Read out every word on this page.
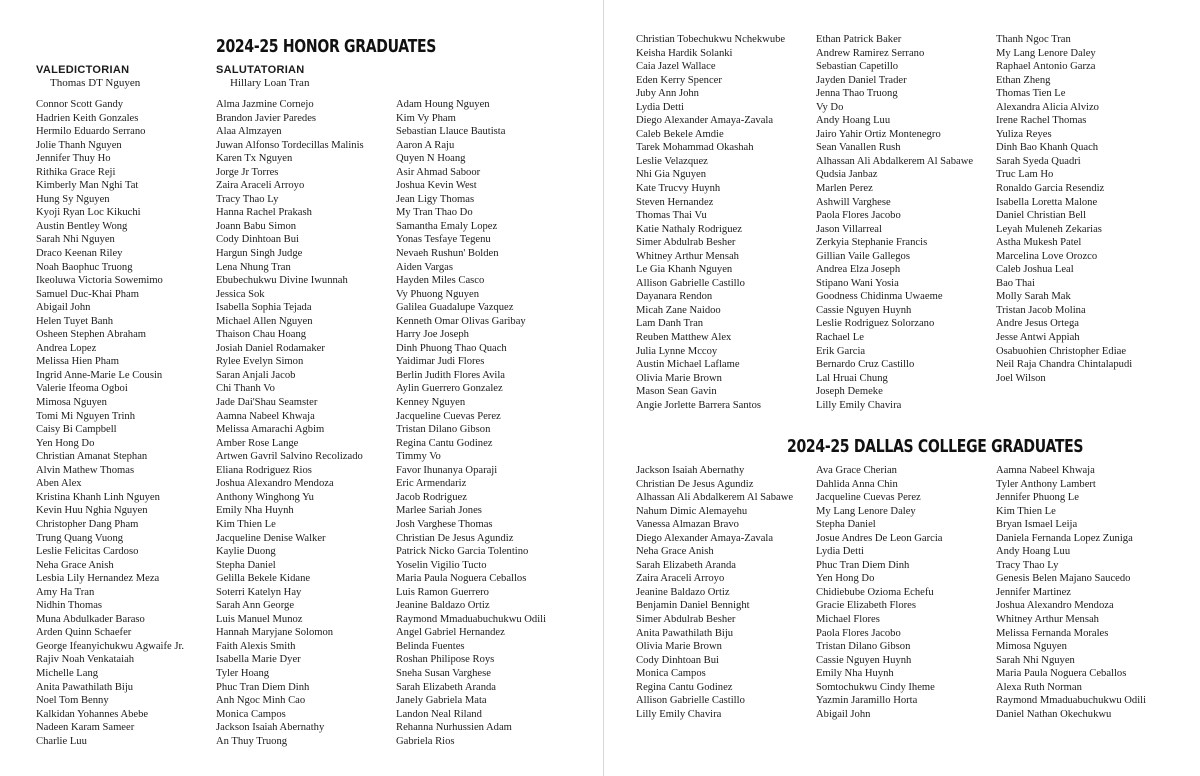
2024-25 HONOR GRADUATES
VALEDICTORIAN
Thomas DT Nguyen
SALUTATORIAN
Hillary Loan Tran
Connor Scott Gandy
Hadrien Keith Gonzales
Hermilo Eduardo Serrano
Jolie Thanh Nguyen
Jennifer Thuy Ho
Rithika Grace Reji
Kimberly Man Nghi Tat
Hung Sy Nguyen
Kyoji Ryan Loc Kikuchi
Austin Bentley Wong
Sarah Nhi Nguyen
Draco Keenan Riley
Noah Baophuc Truong
Ikeoluwa Victoria Sowemimo
Samuel Duc-Khai Pham
Abigail John
Helen Tuyet Banh
Osheen Stephen Abraham
Andrea Lopez
Melissa Hien Pham
Ingrid Anne-Marie Le Cousin
Valerie Ifeoma Ogboi
Mimosa Nguyen
Tomi Mi Nguyen Trinh
Caisy Bi Campbell
Yen Hong Do
Christian Amanat Stephan
Alvin Mathew Thomas
Aben Alex
Kristina Khanh Linh Nguyen
Kevin Huu Nghia Nguyen
Christopher Dang Pham
Trung Quang Vuong
Leslie Felicitas Cardoso
Neha Grace Anish
Lesbia Lily Hernandez Meza
Amy Ha Tran
Nidhin Thomas
Muna Abdulkader Baraso
Arden Quinn Schaefer
George Ifeanyichukwu Agwaife Jr.
Rajiv Noah Venkataiah
Michelle Lang
Anita Pawathilath Biju
Noel Tom Benny
Kalkidan Yohannes Abebe
Nadeen Karam Sameer
Charlie Luu
Alma Jazmine Cornejo
Brandon Javier Paredes
Alaa Almzayen
Juwan Alfonso Tordecillas Malinis
Karen Tx Nguyen
Jorge Jr Torres
Zaira Araceli Arroyo
Tracy Thao Ly
Hanna Rachel Prakash
Joann Babu Simon
Cody Dinhtoan Bui
Hargun Singh Judge
Lena Nhung Tran
Ebubechukwu Divine Iwunnah
Jessica Sok
Isabella Sophia Tejada
Michael Allen Nguyen
Thaison Chau Hoang
Josiah Daniel Rodamaker
Rylee Evelyn Simon
Saran Anjali Jacob
Chi Thanh Vo
Jade Dai'Shau Seamster
Aamna Nabeel Khwaja
Melissa Amarachi Agbim
Amber Rose Lange
Artwen Gavril Salvino Recolizado
Eliana Rodriguez Rios
Joshua Alexandro Mendoza
Anthony Winghong Yu
Emily Nha Huynh
Kim Thien Le
Jacqueline Denise Walker
Kaylie Duong
Stepha Daniel
Gelilla Bekele Kidane
Soterri Katelyn Hay
Sarah Ann George
Luis Manuel Munoz
Hannah Maryjane Solomon
Faith Alexis Smith
Isabella Marie Dyer
Tyler Hoang
Phuc Tran Diem Dinh
Anh Ngoc Minh Cao
Monica Campos
Jackson Isaiah Abernathy
An Thuy Truong
Adam Houng Nguyen
Kim Vy Pham
Sebastian Llauce Bautista
Aaron A Raju
Quyen N Hoang
Asir Ahmad Saboor
Joshua Kevin West
Jean Ligy Thomas
My Tran Thao Do
Samantha Emaly Lopez
Yonas Tesfaye Tegenu
Nevaeh Rushun' Bolden
Aiden Vargas
Hayden Miles Casco
Vy Phuong Nguyen
Galilea Guadalupe Vazquez
Kenneth Omar Olivas Garibay
Harry Joe Joseph
Dinh Phuong Thao Quach
Yaidimar Judi Flores
Berlin Judith Flores Avila
Aylin Guerrero Gonzalez
Kenney Nguyen
Jacqueline Cuevas Perez
Tristan Dilano Gibson
Regina Cantu Godinez
Timmy Vo
Favor Ihunanya Oparaji
Eric Armendariz
Jacob Rodriguez
Marlee Sariah Jones
Josh Varghese Thomas
Christian De Jesus Agundiz
Patrick Nicko Garcia Tolentino
Yoselin Vigilio Tucto
Maria Paula Noguera Ceballos
Luis Ramon Guerrero
Jeanine Baldazo Ortiz
Raymond Mmaduabuchukwu Odili
Angel Gabriel Hernandez
Belinda Fuentes
Roshan Philipose Roys
Sneha Susan Varghese
Sarah Elizabeth Aranda
Janely Gabriela Mata
Landon Neal Riland
Rehanna Nurhussien Adam
Gabriela Rios
Christian Tobechukwu Nchekwube
Keisha Hardik Solanki
Caia Jazel Wallace
Eden Kerry Spencer
Juby Ann John
Lydia Detti
Diego Alexander Amaya-Zavala
Caleb Bekele Amdie
Tarek Mohammad Okashah
Leslie Velazquez
Nhi Gia Nguyen
Kate Trucvy Huynh
Steven Hernandez
Thomas Thai Vu
Katie Nathaly Rodriguez
Simer Abdulrab Besher
Whitney Arthur Mensah
Le Gia Khanh Nguyen
Allison Gabrielle Castillo
Dayanara Rendon
Micah Zane Naidoo
Lam Danh Tran
Reuben Matthew Alex
Julia Lynne Mccoy
Austin Michael Laflame
Olivia Marie Brown
Mason Sean Gavin
Angie Jorlette Barrera Santos
Ethan Patrick Baker
Andrew Ramirez Serrano
Sebastian Capetillo
Jayden Daniel Trader
Jenna Thao Truong
Vy Do
Andy Hoang Luu
Jairo Yahir Ortiz Montenegro
Sean Vanallen Rush
Alhassan Ali Abdalkerem Al Sabawe
Qudsia Janbaz
Marlen Perez
Ashwill Varghese
Paola Flores Jacobo
Jason Villarreal
Zerkyia Stephanie Francis
Gillian Vaile Gallegos
Andrea Elza Joseph
Stipano Wani Yosia
Goodness Chidinma Uwaeme
Cassie Nguyen Huynh
Leslie Rodriguez Solorzano
Rachael Le
Erik Garcia
Bernardo Cruz Castillo
Lal Hruai Chung
Joseph Demeke
Lilly Emily Chavira
Thanh Ngoc Tran
My Lang Lenore Daley
Raphael Antonio Garza
Ethan Zheng
Thomas Tien Le
Alexandra Alicia Alvizo
Irene Rachel Thomas
Yuliza Reyes
Dinh Bao Khanh Quach
Sarah Syeda Quadri
Truc Lam Ho
Ronaldo Garcia Resendiz
Isabella Loretta Malone
Daniel Christian Bell
Leyah Muleneh Zekarias
Astha Mukesh Patel
Marcelina Love Orozco
Caleb Joshua Leal
Bao Thai
Molly Sarah Mak
Tristan Jacob Molina
Andre Jesus Ortega
Jesse Antwi Appiah
Osabuohien Christopher Ediae
Neil Raja Chandra Chintalapudi
Joel Wilson
2024-25 DALLAS COLLEGE GRADUATES
Jackson Isaiah Abernathy
Christian De Jesus Agundiz
Alhassan Ali Abdalkerem Al Sabawe
Nahum Dimic Alemayehu
Vanessa Almazan Bravo
Diego Alexander Amaya-Zavala
Neha Grace Anish
Sarah Elizabeth Aranda
Zaira Araceli Arroyo
Jeanine Baldazo Ortiz
Benjamin Daniel Bennight
Simer Abdulrab Besher
Anita Pawathilath Biju
Olivia Marie Brown
Cody Dinhtoan Bui
Monica Campos
Regina Cantu Godinez
Allison Gabrielle Castillo
Lilly Emily Chavira
Ava Grace Cherian
Dahlida Anna Chin
Jacqueline Cuevas Perez
My Lang Lenore Daley
Stepha Daniel
Josue Andres De Leon Garcia
Lydia Detti
Phuc Tran Diem Dinh
Yen Hong Do
Chidiebube Ozioma Echefu
Gracie Elizabeth Flores
Michael Flores
Paola Flores Jacobo
Tristan Dilano Gibson
Cassie Nguyen Huynh
Emily Nha Huynh
Somtochukwu Cindy Iheme
Yazmin Jaramillo Horta
Abigail John
Aamna Nabeel Khwaja
Tyler Anthony Lambert
Jennifer Phuong Le
Kim Thien Le
Bryan Ismael Leija
Daniela Fernanda Lopez Zuniga
Andy Hoang Luu
Tracy Thao Ly
Genesis Belen Majano Saucedo
Jennifer Martinez
Joshua Alexandro Mendoza
Whitney Arthur Mensah
Melissa Fernanda Morales
Mimosa Nguyen
Sarah Nhi Nguyen
Maria Paula Noguera Ceballos
Alexa Ruth Norman
Raymond Mmaduabuchukwu Odili
Daniel Nathan Okechukwu
